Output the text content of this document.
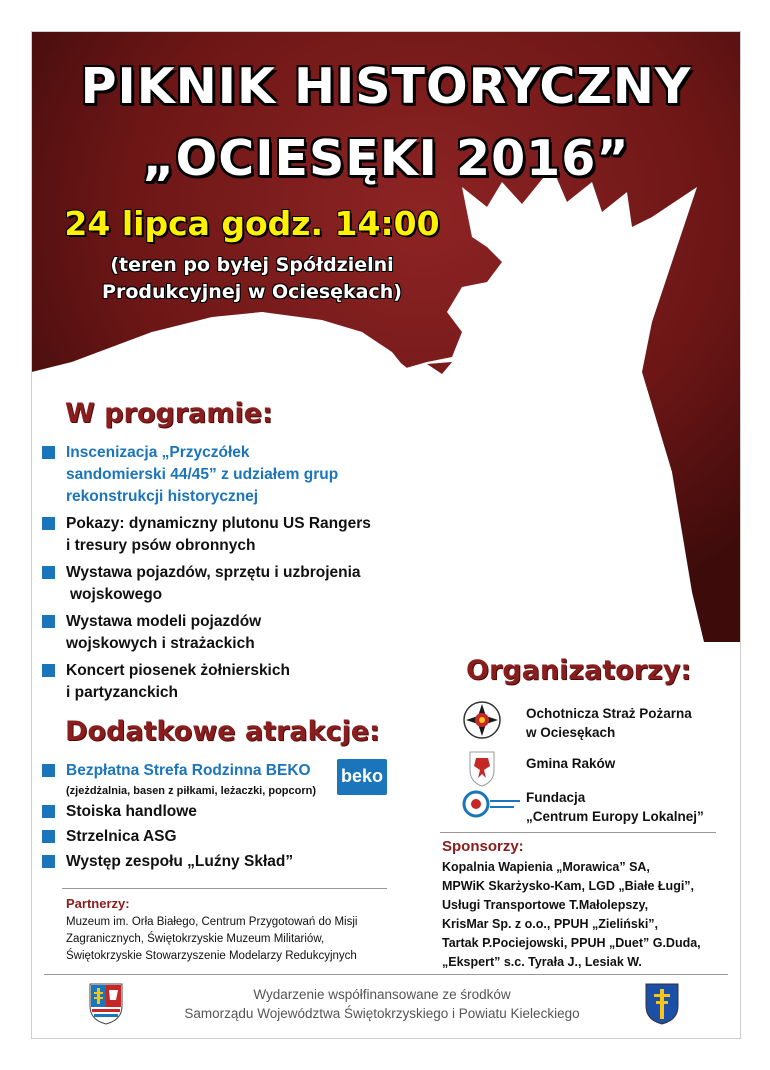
PIKNIK HISTORYCZNY
„OCIESĘKI 2016”
24 lipca godz. 14:00
(teren po byłej Spółdzielni
Produkcyjnej w Ociesękach)
W programie:
Inscenizacja „Przyczółek
sandomierski 44/45” z udziałem grup
rekonstrukcji historycznej
Pokazy: dynamiczny plutonu US Rangers
i tresury psów obronnych
Wystawa pojazdów, sprzętu i uzbrojenia
wojskowego
Wystawa modeli pojazdów
wojskowych i strażackich
Koncert piosenek żołnierskich
i partyzanckich
Dodatkowe atrakcje:
Bezpłatna Strefa Rodzinna BEKO
(zjeżdżalnia, basen z piłkami, leżaczki, popcorn)
Stoiska handlowe
Strzelnica ASG
Występ zespołu „Luźny Skład”
beko
Partnerzy:
Muzeum im. Orła Białego, Centrum Przygotowań do Misji
Zagranicznych, Świętokrzyskie Muzeum Militariów,
Świętokrzyskie Stowarzyszenie Modelarzy Redukcyjnych
Organizatorzy:
Ochotnicza Straż Pożarna
w Ociesękach
Gmina Raków
Fundacja
„Centrum Europy Lokalnej”
Sponsorzy:
Kopalnia Wapienia „Morawica” SA,
MPWiK Skarżysko-Kam, LGD „Białe Ługi”,
Usługi Transportowe T.Małolepszy,
KrisMar Sp. z o.o., PPUH „Zieliński”,
Tartak P.Pociejowski, PPUH „Duet” G.Duda,
„Ekspert” s.c. Tyrała J., Lesiak W.
Wydarzenie współfinansowane ze środków
Samorządu Województwa Świętokrzyskiego i Powiatu Kieleckiego
